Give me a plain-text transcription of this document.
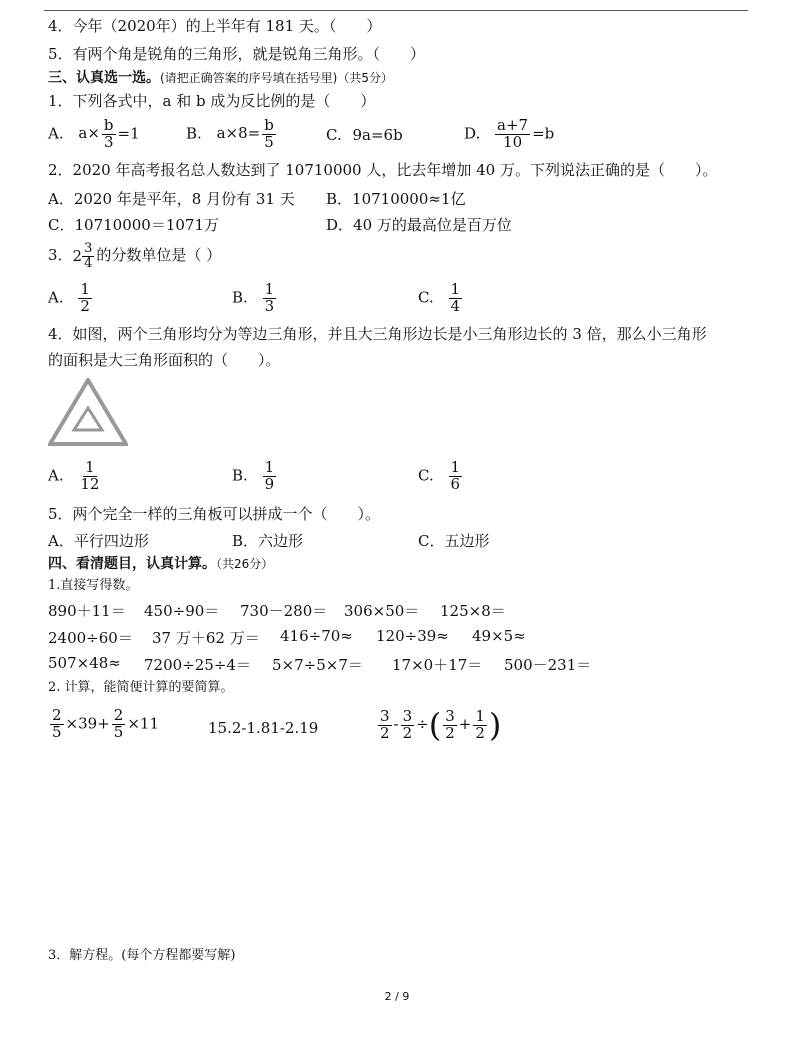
4．今年（2020年）的上半年有 181 天。（　　）
5．有两个角是锐角的三角形，就是锐角三角形。（　　）
三、认真选一选。(请把正确答案的序号填在括号里)（共5分）
1．下列各式中，a 和 b 成为反比例的是（　　）
A. $a\times \frac{b}{3} =1$	B. $a\times 8= \frac{b}{5}$	C. 9a=6b	D. $\frac{a+7}{10} =b$
2．2020 年高考报名总人数达到了 10710000 人，比去年增加 40 万。下列说法正确的是（　　）。
A．2020 年是平年，8 月份有 31 天 B．10710000≈1亿
C．10710000＝1071万	D．40 万的最高位是百万位
3． $2 \frac{3}{4}$ 的分数单位是（ ）
A. $\frac{1}{2}$	B. $\frac{1}{3}$	C. $\frac{1}{4}$
4．如图，两个三角形均分为等边三角形，并且大三角形边长是小三角形边长的 3 倍，那么小三角形
的面积是大三角形面积的（　　）。
A. $\frac{1}{12}$	B. $\frac{1}{9}$	C. $\frac{1}{6}$
5．两个完全一样的三角板可以拼成一个（　　）。
A．平行四边形	B．六边形	C．五边形
四、看清题目，认真计算。（共26分）
1.直接写得数。
890＋11＝ 450÷90＝ 730－280＝ 306×50＝ 125×8＝
2400÷60＝ 37 万＋62 万＝ 416÷70≈ 120÷39≈ 49×5≈
507×48≈ 7200÷25÷4＝ 5×7÷5×7＝ 17×0＋17＝ 500－231＝
2. 计算，能简便计算的要简算。
$\frac{2}{5} \times 39+ \frac{2}{5} \times 11$	15.2-1.81-2.19	$\frac{3}{2} - \frac{3}{2}$ ÷( $\frac{3}{2} + \frac{1}{2}$ )
3．解方程。(每个方程都要写解)
2 / 9
